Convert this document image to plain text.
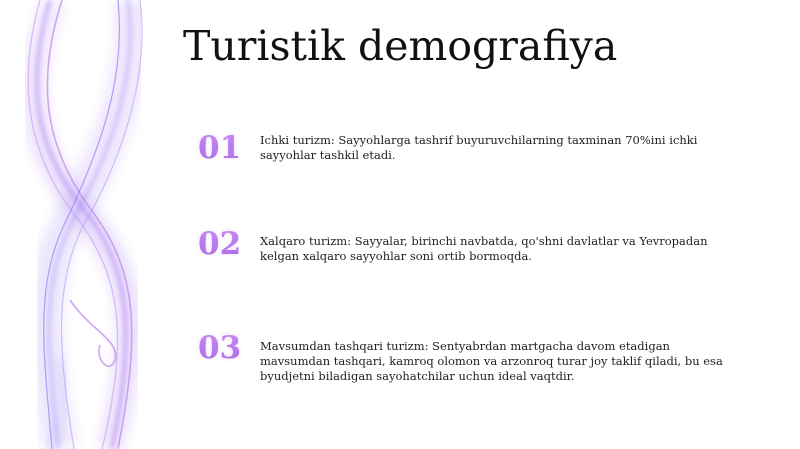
Turistik demografiya
01 Ichki turizm: Sayyohlarga tashrif buyuruvchilarning taxminan 70%ini ichki sayyohlar tashkil etadi.
02 Xalqaro turizm: Sayyalar, birinchi navbatda, qo'shni davlatlar va Yevropadan kelgan xalqaro sayyohlar soni ortib bormoqda.
03 Mavsumdan tashqari turizm: Sentyabrdan martgacha davom etadigan mavsumdan tashqari, kamroq olomon va arzonroq turar joy taklif qiladi, bu esa byudjetni biladigan sayohatchilar uchun ideal vaqtdir.
